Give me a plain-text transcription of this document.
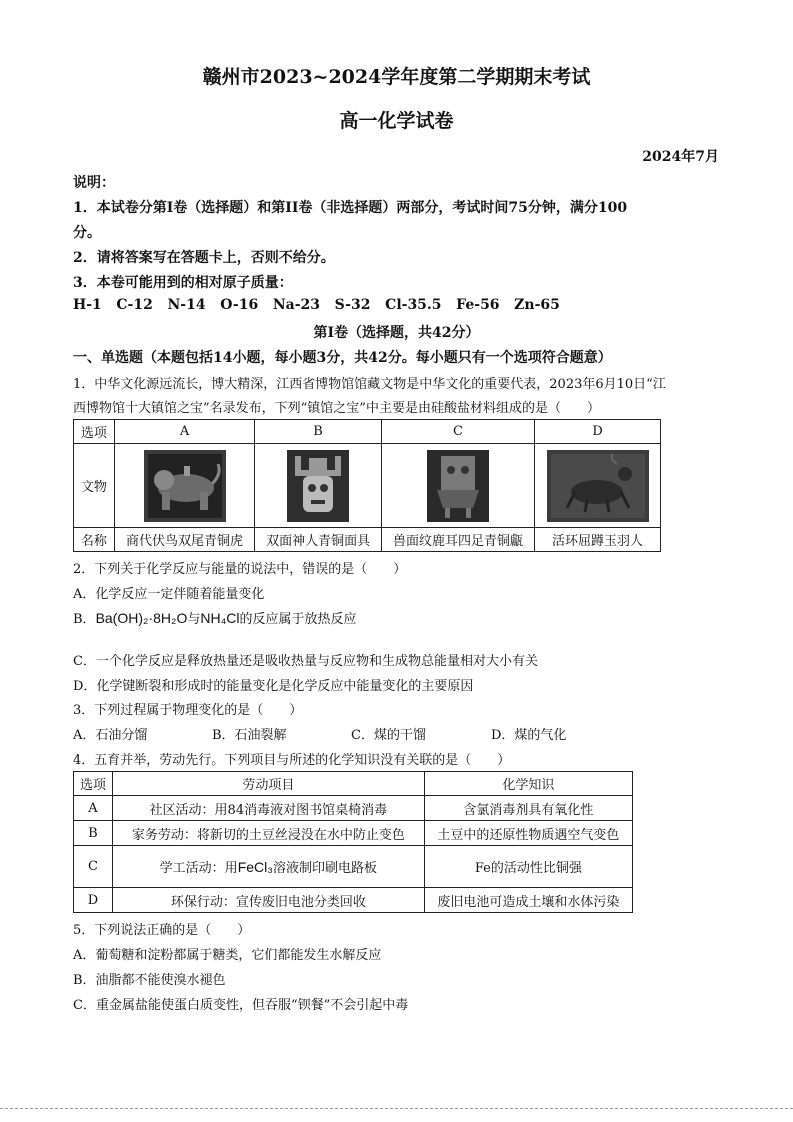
赣州市2023~2024学年度第二学期期末考试
高一化学试卷
2024年7月
说明：
1．本试卷分第I卷（选择题）和第II卷（非选择题）两部分，考试时间75分钟，满分100
分。
2．请将答案写在答题卡上，否则不给分。
3．本卷可能用到的相对原子质量：
H-1 C-12 N-14 O-16 Na-23 S-32 Cl-35.5 Fe-56 Zn-65
第I卷（选择题，共42分）
一、单选题（本题包括14小题，每小题3分，共42分。每小题只有一个选项符合题意）
1．中华文化源远流长，博大精深，江西省博物馆馆藏文物是中华文化的重要代表，2023年6月10日“江
西博物馆十大镇馆之宝”名录发布，下列“镇馆之宝”中主要是由硅酸盐材料组成的是（　　）
选项	A	B	C	D
文物	

名称	商代伏鸟双尾青铜虎	双面神人青铜面具	兽面纹鹿耳四足青铜甗	活环屈蹲玉羽人
2．下列关于化学反应与能量的说法中，错误的是（　　）
A．化学反应一定伴随着能量变化
B．Ba(OH)₂·8H₂O与NH₄Cl的反应属于放热反应
C．一个化学反应是释放热量还是吸收热量与反应物和生成物总能量相对大小有关
D．化学键断裂和形成时的能量变化是化学反应中能量变化的主要原因
3．下列过程属于物理变化的是（　　）
A．石油分馏	B．石油裂解	C．煤的干馏	D．煤的气化
4．五育并举，劳动先行。下列项目与所述的化学知识没有关联的是（　　）
选项	劳动项目	化学知识
A	社区活动：用84消毒液对图书馆桌椅消毒	含氯消毒剂具有氧化性
B	家务劳动：将新切的土豆丝浸没在水中防止变色	土豆中的还原性物质遇空气变色
C	学工活动：用FeCl₃溶液制印刷电路板	Fe的活动性比铜强
D	环保行动：宣传废旧电池分类回收	废旧电池可造成土壤和水体污染
5．下列说法正确的是（　　）
A．葡萄糖和淀粉都属于糖类，它们都能发生水解反应
B．油脂都不能使溴水褪色
C．重金属盐能使蛋白质变性，但吞服“钡餐”不会引起中毒
